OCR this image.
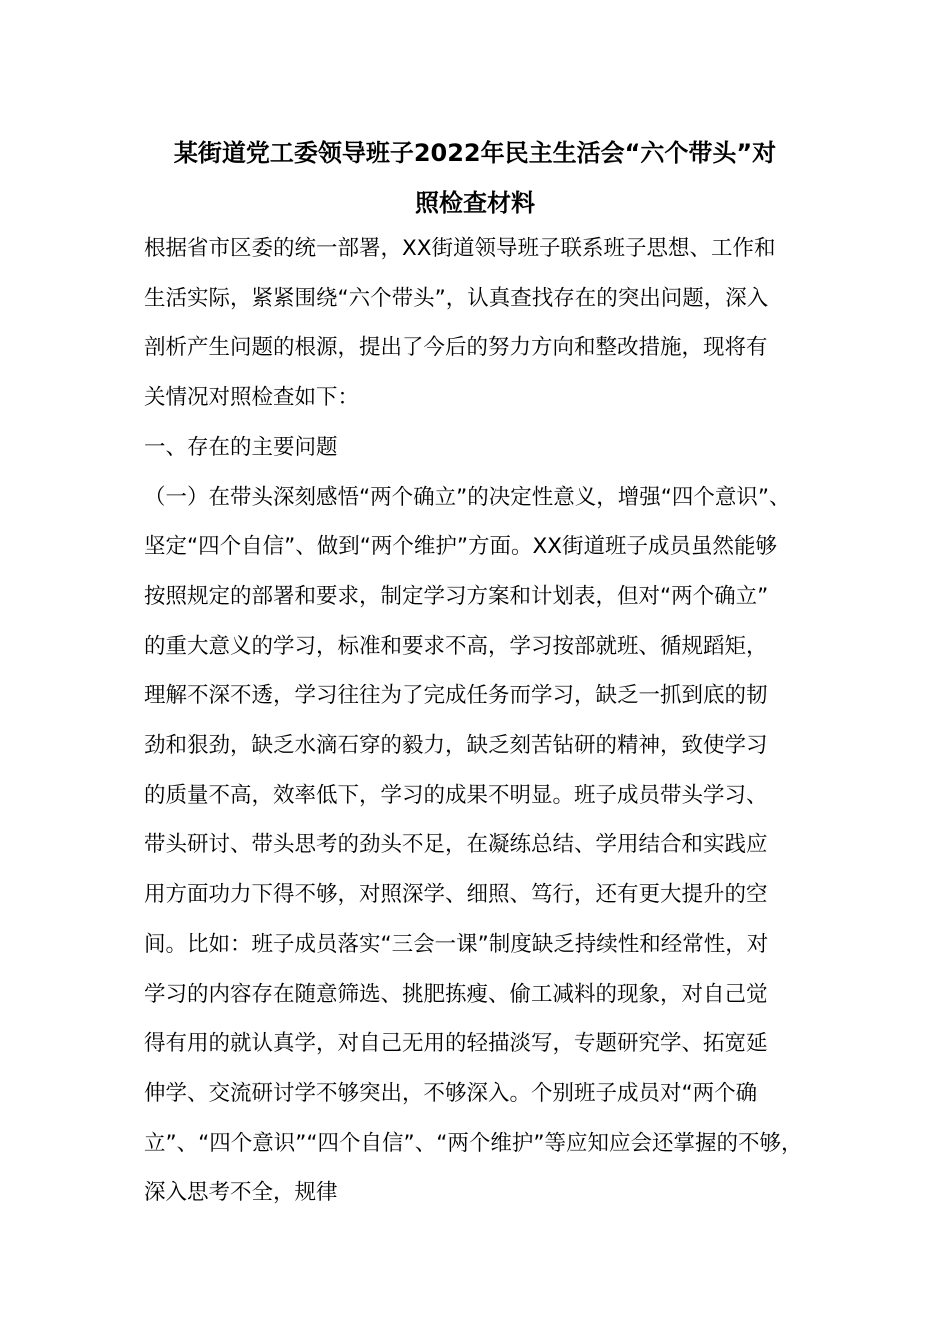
某街道党工委领导班子2022年民主生活会“六个带头”对
照检查材料
根据省市区委的统一部署，XX街道领导班子联系班子思想、工作和
生活实际，紧紧围绕“六个带头”，认真查找存在的突出问题，深入
剖析产生问题的根源，提出了今后的努力方向和整改措施，现将有
关情况对照检查如下：
一、存在的主要问题
（一）在带头深刻感悟“两个确立”的决定性意义，增强“四个意识”、
坚定“四个自信”、做到“两个维护”方面。XX街道班子成员虽然能够
按照规定的部署和要求，制定学习方案和计划表，但对“两个确立”
的重大意义的学习，标准和要求不高，学习按部就班、循规蹈矩，
理解不深不透，学习往往为了完成任务而学习，缺乏一抓到底的韧
劲和狠劲，缺乏水滴石穿的毅力，缺乏刻苦钻研的精神，致使学习
的质量不高，效率低下，学习的成果不明显。班子成员带头学习、
带头研讨、带头思考的劲头不足，在凝练总结、学用结合和实践应
用方面功力下得不够，对照深学、细照、笃行，还有更大提升的空
间。比如：班子成员落实“三会一课”制度缺乏持续性和经常性，对
学习的内容存在随意筛选、挑肥拣瘦、偷工减料的现象，对自己觉
得有用的就认真学，对自己无用的轻描淡写，专题研究学、拓宽延
伸学、交流研讨学不够突出，不够深入。个别班子成员对“两个确
立”、“四个意识”“四个自信”、“两个维护”等应知应会还掌握的不够，
深入思考不全，规律
